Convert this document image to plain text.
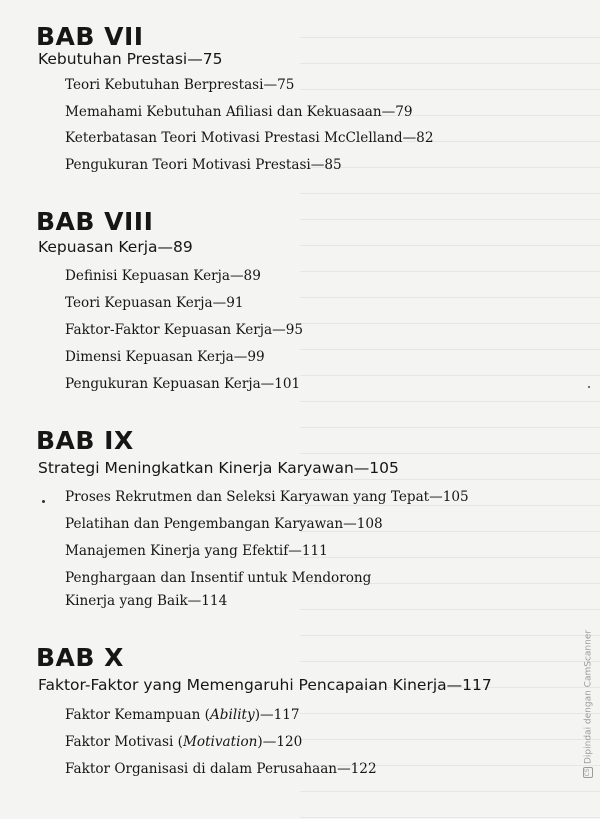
BAB VII
Kebutuhan Prestasi—75
Teori Kebutuhan Berprestasi—75
Memahami Kebutuhan Afiliasi dan Kekuasaan—79
Keterbatasan Teori Motivasi Prestasi McClelland—82
Pengukuran Teori Motivasi Prestasi—85
BAB VIII
Kepuasan Kerja—89
Definisi Kepuasan Kerja—89
Teori Kepuasan Kerja—91
Faktor-Faktor Kepuasan Kerja—95
Dimensi Kepuasan Kerja—99
Pengukuran Kepuasan Kerja—101
BAB IX
Strategi Meningkatkan Kinerja Karyawan—105
Proses Rekrutmen dan Seleksi Karyawan yang Tepat—105
Pelatihan dan Pengembangan Karyawan—108
Manajemen Kinerja yang Efektif—111
Penghargaan dan Insentif untuk Mendorong
Kinerja yang Baik—114
BAB X
Faktor-Faktor yang Memengaruhi Pencapaian Kinerja—117
Faktor Kemampuan (Ability)—117
Faktor Motivasi (Motivation)—120
Faktor Organisasi di dalam Perusahaan—122	CSDipindai dengan CamScanner
